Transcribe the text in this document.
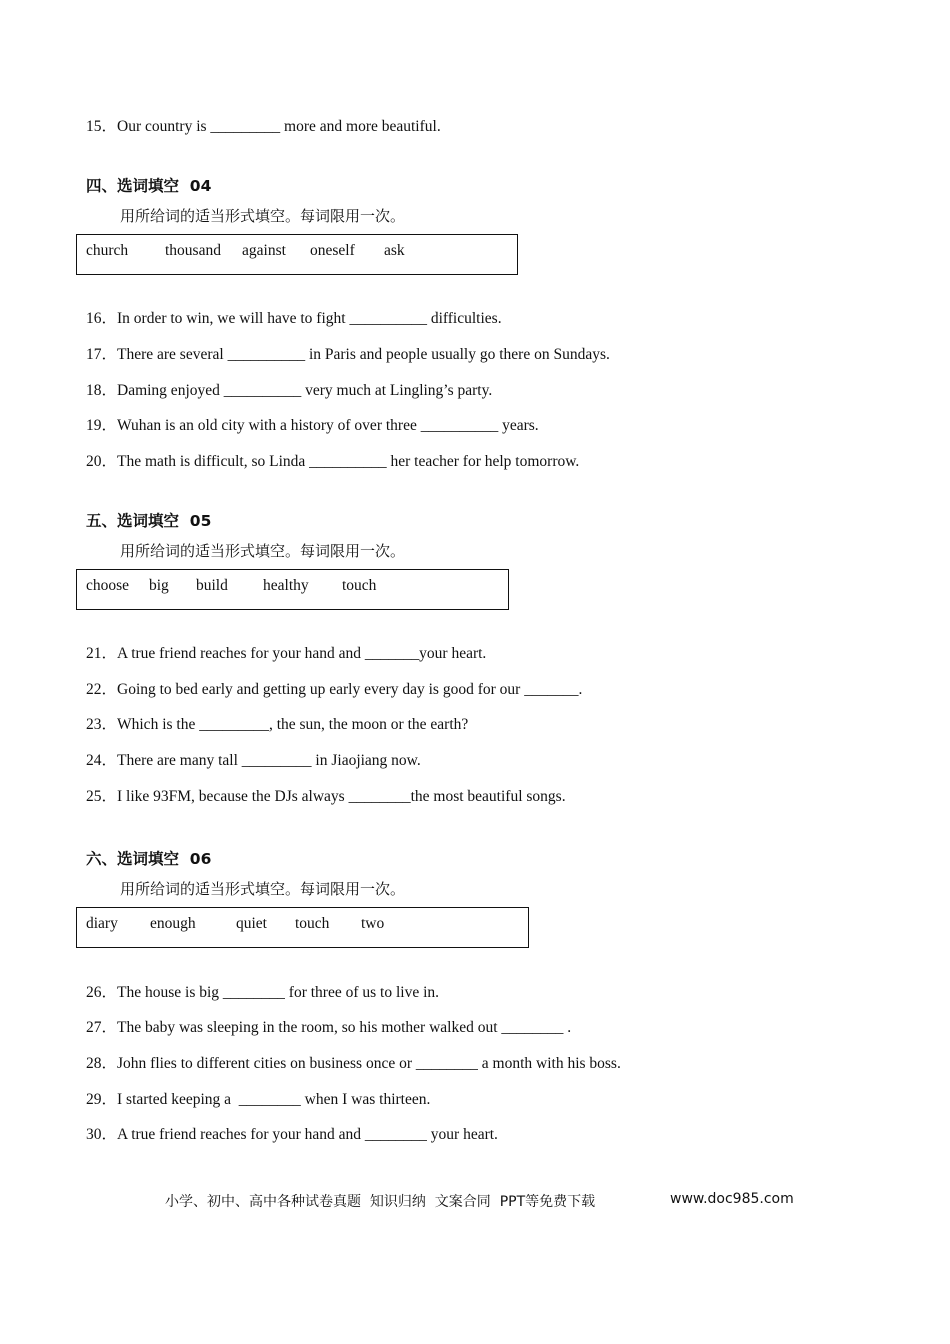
15．Our country is _________ more and more beautiful.
四、选词填空  04
用所给词的适当形式填空。每词限用一次。
church thousand against oneself ask
16．In order to win, we will have to fight __________ difficulties.
17．There are several __________ in Paris and people usually go there on Sundays.
18．Daming enjoyed __________ very much at Lingling’s party.
19．Wuhan is an old city with a history of over three __________ years.
20．The math is difficult, so Linda __________ her teacher for help tomorrow.
五、选词填空  05
用所给词的适当形式填空。每词限用一次。
choose big build healthy touch
21．A true friend reaches for your hand and _______your heart.
22．Going to bed early and getting up early every day is good for our _______.
23．Which is the _________, the sun, the moon or the earth?
24．There are many tall _________ in Jiaojiang now.
25．I like 93FM, because the DJs always ________the most beautiful songs.
六、选词填空  06
用所给词的适当形式填空。每词限用一次。
diary enough	quiet touch two
26．The house is big ________ for three of us to live in.
27．The baby was sleeping in the room, so his mother walked out ________ .
28．John flies to different cities on business once or ________ a month with his boss.
29．I started keeping a  ________ when I was thirteen.
30．A true friend reaches for your hand and ________ your heart.
小学、初中、高中各种试卷真题  知识归纳  文案合同  PPT等免费下载	www.doc985.com
